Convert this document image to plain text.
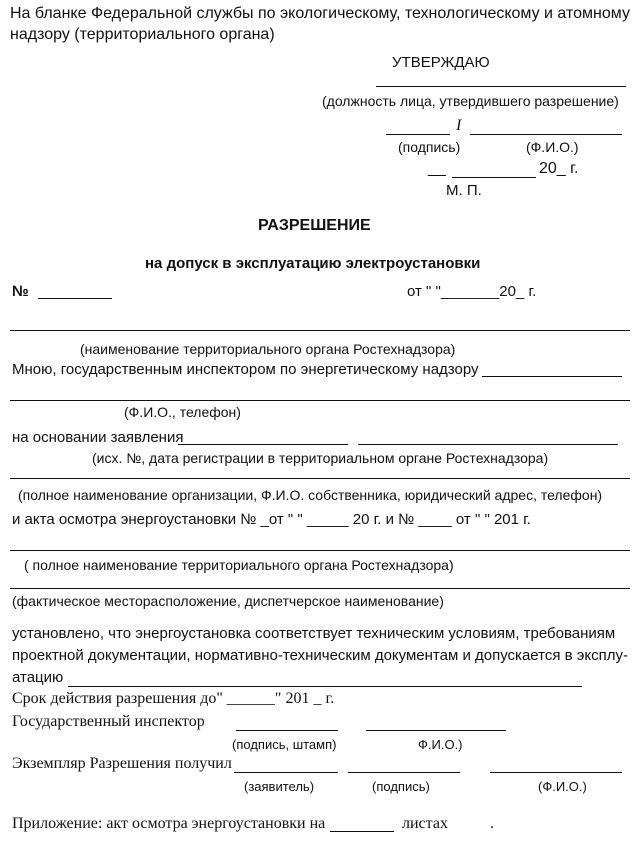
На бланке Федеральной службы по экологическому, технологическому и атомному
надзору (территориального органа)
УТВЕРЖДАЮ
(должность лица, утвердившего разрешение)
I
(подпись)	(Ф.И.О.)
__	20_ г.
М. П.
РАЗРЕШЕНИЕ
на допуск в эксплуатацию электроустановки
№	от " "_______20_ г.
(наименование территориального органа Ростехнадзора)
Мною, государственным инспектором по энергетическому надзору
(Ф.И.О., телефон)
на основании заявления
(исх. №, дата регистрации в территориальном органе Ростехнадзора)
(полное наименование организации, Ф.И.О. собственника, юридический адрес, телефон)
и акта осмотра энергоустановки № _от " " _____ 20 г. и № ____ от " " 201 г.
( полное наименование территориального органа Ростехнадзора)
(фактическое месторасположение, диспетчерское наименование)
установлено, что энергоустановка соответствует техническим условиям, требованиям
проектной документации, нормативно-техническим документам и допускается в эксплу-
атацию
Срок действия разрешения до" ______" 201 _ г.
Государственный инспектор
(подпись, штамп)	Ф.И.О.)
Экземпляр Разрешения получил
(заявитель)	(подпись)	(Ф.И.О.)
Приложение: акт осмотра энергоустановки на	листах	.
